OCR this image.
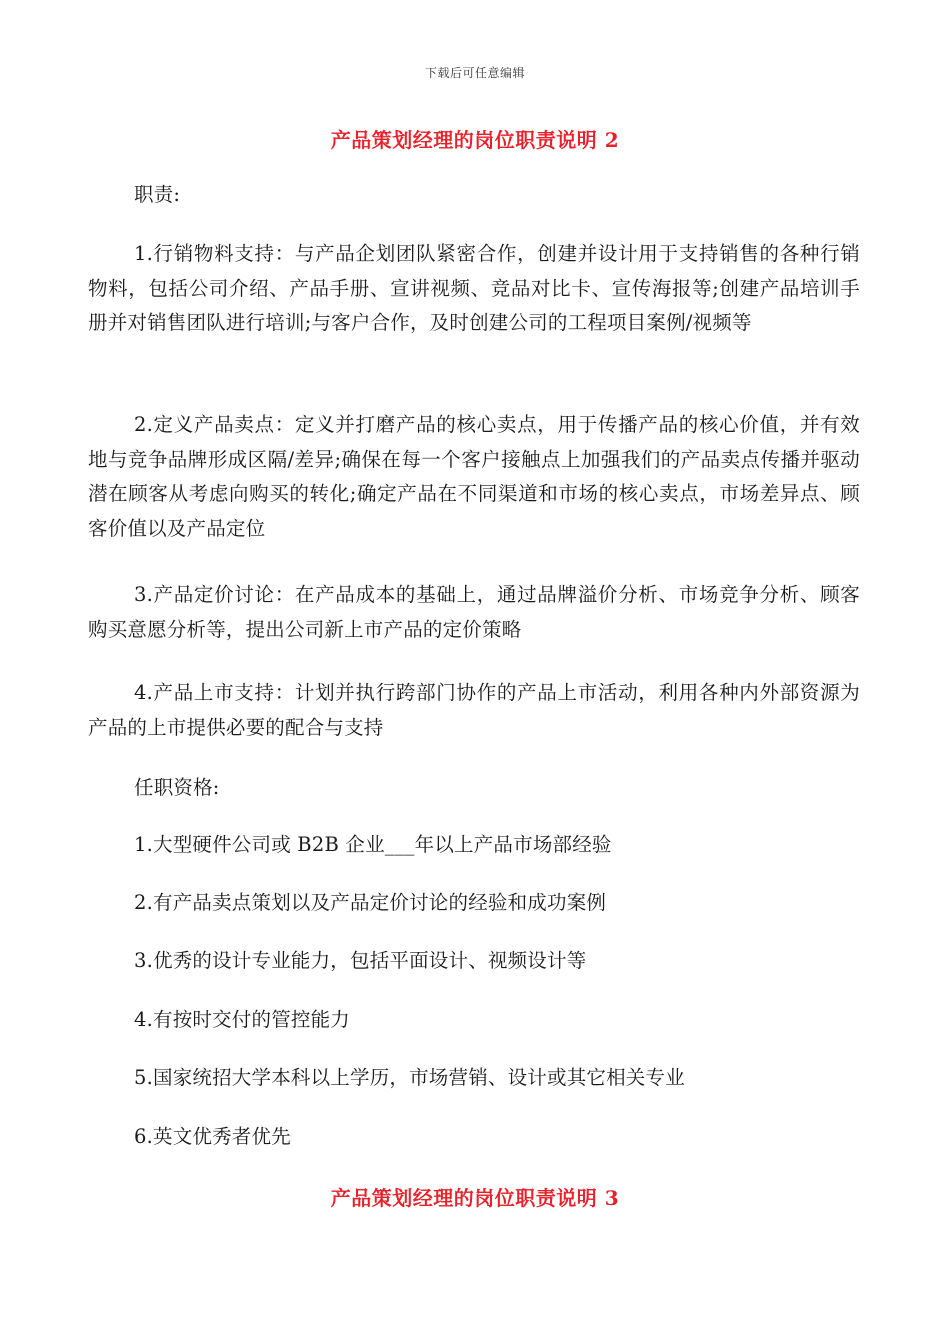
下载后可任意编辑
产品策划经理的岗位职责说明 2

职责:

1.行销物料支持：与产品企划团队紧密合作，创建并设计用于支持销售的各种行销物料，包括公司介绍、产品手册、宣讲视频、竞品对比卡、宣传海报等;创建产品培训手册并对销售团队进行培训;与客户合作，及时创建公司的工程项目案例/视频等

2.定义产品卖点：定义并打磨产品的核心卖点，用于传播产品的核心价值，并有效地与竞争品牌形成区隔/差异;确保在每一个客户接触点上加强我们的产品卖点传播并驱动潜在顾客从考虑向购买的转化;确定产品在不同渠道和市场的核心卖点，市场差异点、顾客价值以及产品定位

3.产品定价讨论：在产品成本的基础上，通过品牌溢价分析、市场竞争分析、顾客购买意愿分析等，提出公司新上市产品的定价策略

4.产品上市支持：计划并执行跨部门协作的产品上市活动，利用各种内外部资源为产品的上市提供必要的配合与支持

任职资格:

1.大型硬件公司或 B2B 企业___年以上产品市场部经验

2.有产品卖点策划以及产品定价讨论的经验和成功案例

3.优秀的设计专业能力，包括平面设计、视频设计等

4.有按时交付的管控能力

5.国家统招大学本科以上学历，市场营销、设计或其它相关专业

6.英文优秀者优先

产品策划经理的岗位职责说明 3
